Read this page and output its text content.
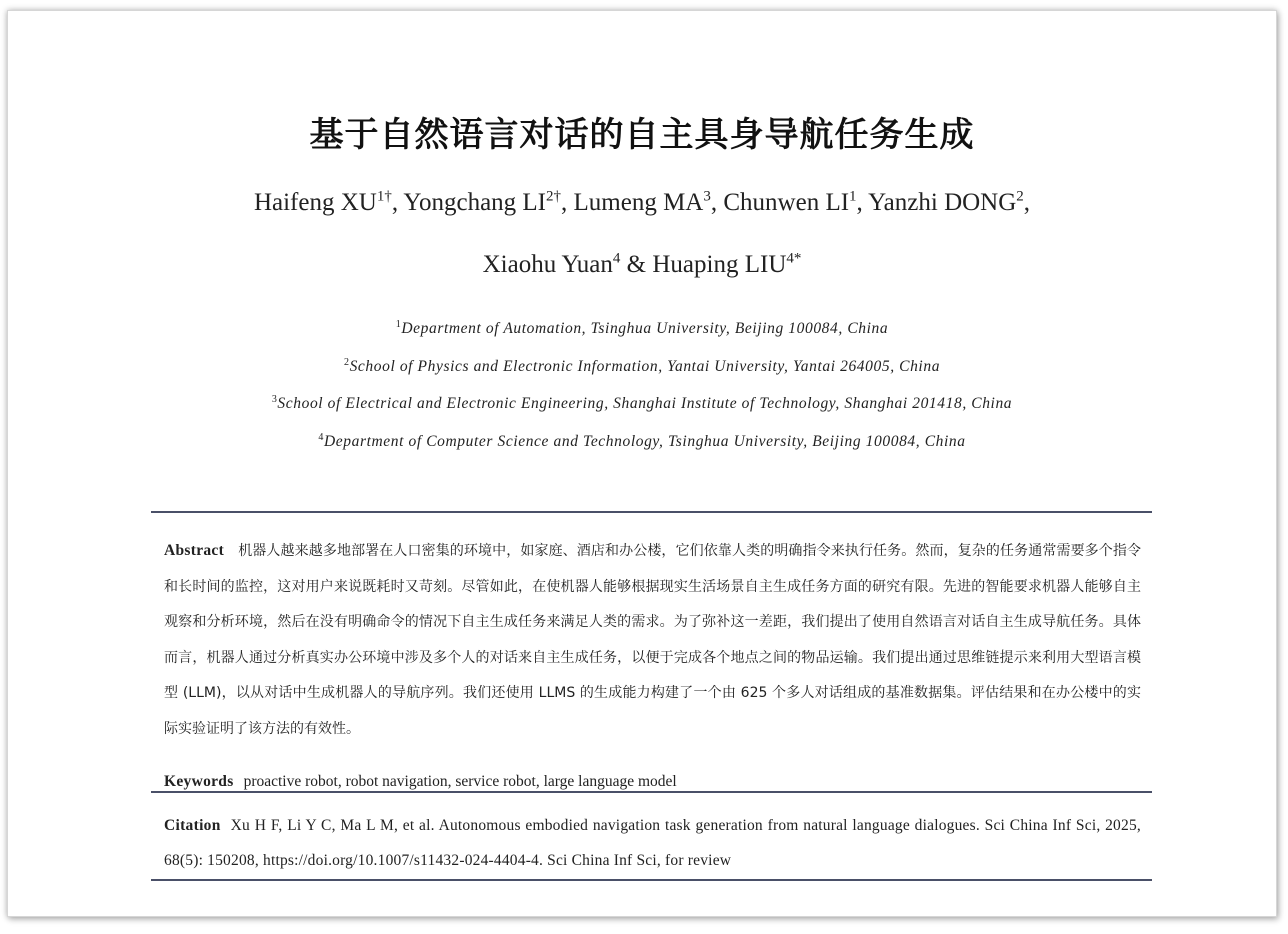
基于自然语言对话的自主具身导航任务生成
Haifeng $XU^{1\dagger}$, Yongchang $LI^{2\dagger}$, Lumeng $MA^3$, Chunwen $LI^1$, Yanzhi DONG$^2$,
Xiaohu Yuan$^4$ & Huaping $LIU^{4*}$
$^1$Department of Automation, Tsinghua University, Beijing 100084, China
$^2$School of Physics and Electronic Information, Yantai University, Yantai 264005, China
$^3$School of Electrical and Electronic Engineering, Shanghai Institute of Technology, Shanghai 201418, China
$^4$Department of Computer Science and Technology, Tsinghua University, Beijing 100084, China
Abstract 机器人越来越多地部署在人口密集的环境中，如家庭、酒店和办公楼，它们依靠人类的明确指令来执行任务。然而，复杂的任务通常需要多个指令和长时间的监控，这对用户来说既耗时又苛刻。尽管如此，在使机器人能够根据现实生活场景自主生成任务方面的研究有限。先进的智能要求机器人能够自主观察和分析环境，然后在没有明确命令的情况下自主生成任务来满足人类的需求。为了弥补这一差距，我们提出了使用自然语言对话自主生成导航任务。具体而言，机器人通过分析真实办公环境中涉及多个人的对话来自主生成任务，以便于完成各个地点之间的物品运输。我们提出通过思维链提示来利用大型语言模型 (LLM)，以从对话中生成机器人的导航序列。我们还使用 LLMS 的生成能力构建了一个由 625 个多人对话组成的基准数据集。评估结果和在办公楼中的实际实验证明了该方法的有效性。
Keywords proactive robot, robot navigation, service robot, large language model
Citation Xu H F, Li Y C, Ma L M, et al. Autonomous embodied navigation task generation from natural language dialogues. Sci China Inf Sci, 2025, 68(5): 150208, https://doi.org/10.1007/s11432-024-4404-4. Sci China Inf Sci, for review
